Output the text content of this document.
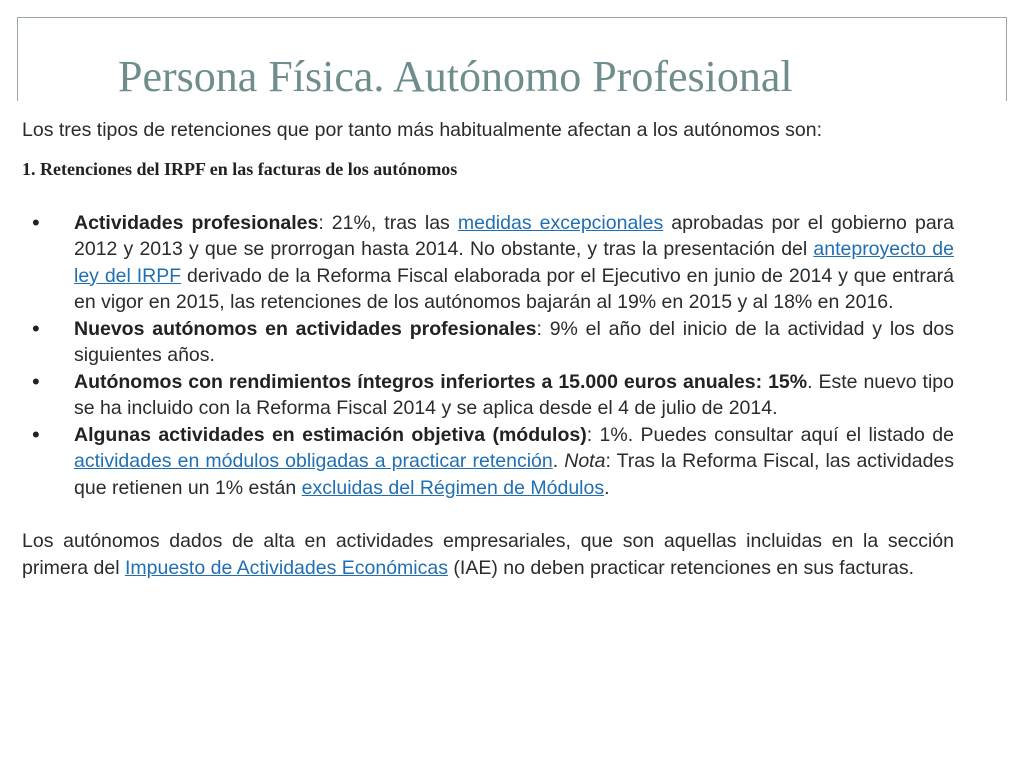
Persona Física. Autónomo Profesional

Los tres tipos de retenciones que por tanto más habitualmente afectan a los autónomos son:

1. Retenciones del IRPF en las facturas de los autónomos

• Actividades profesionales: 21%, tras las medidas excepcionales aprobadas por el gobierno para 2012 y 2013 y que se prorrogan hasta 2014. No obstante, y tras la presentación del anteproyecto de ley del IRPF derivado de la Reforma Fiscal elaborada por el Ejecutivo en junio de 2014 y que entrará en vigor en 2015, las retenciones de los autónomos bajarán al 19% en 2015 y al 18% en 2016.
• Nuevos autónomos en actividades profesionales: 9% el año del inicio de la actividad y los dos siguientes años.
• Autónomos con rendimientos íntegros inferiortes a 15.000 euros anuales: 15%. Este nuevo tipo se ha incluido con la Reforma Fiscal 2014 y se aplica desde el 4 de julio de 2014.
• Algunas actividades en estimación objetiva (módulos): 1%. Puedes consultar aquí el listado de actividades en módulos obligadas a practicar retención. Nota: Tras la Reforma Fiscal, las actividades que retienen un 1% están excluidas del Régimen de Módulos.

Los autónomos dados de alta en actividades empresariales, que son aquellas incluidas en la sección primera del Impuesto de Actividades Económicas (IAE) no deben practicar retenciones en sus facturas.
